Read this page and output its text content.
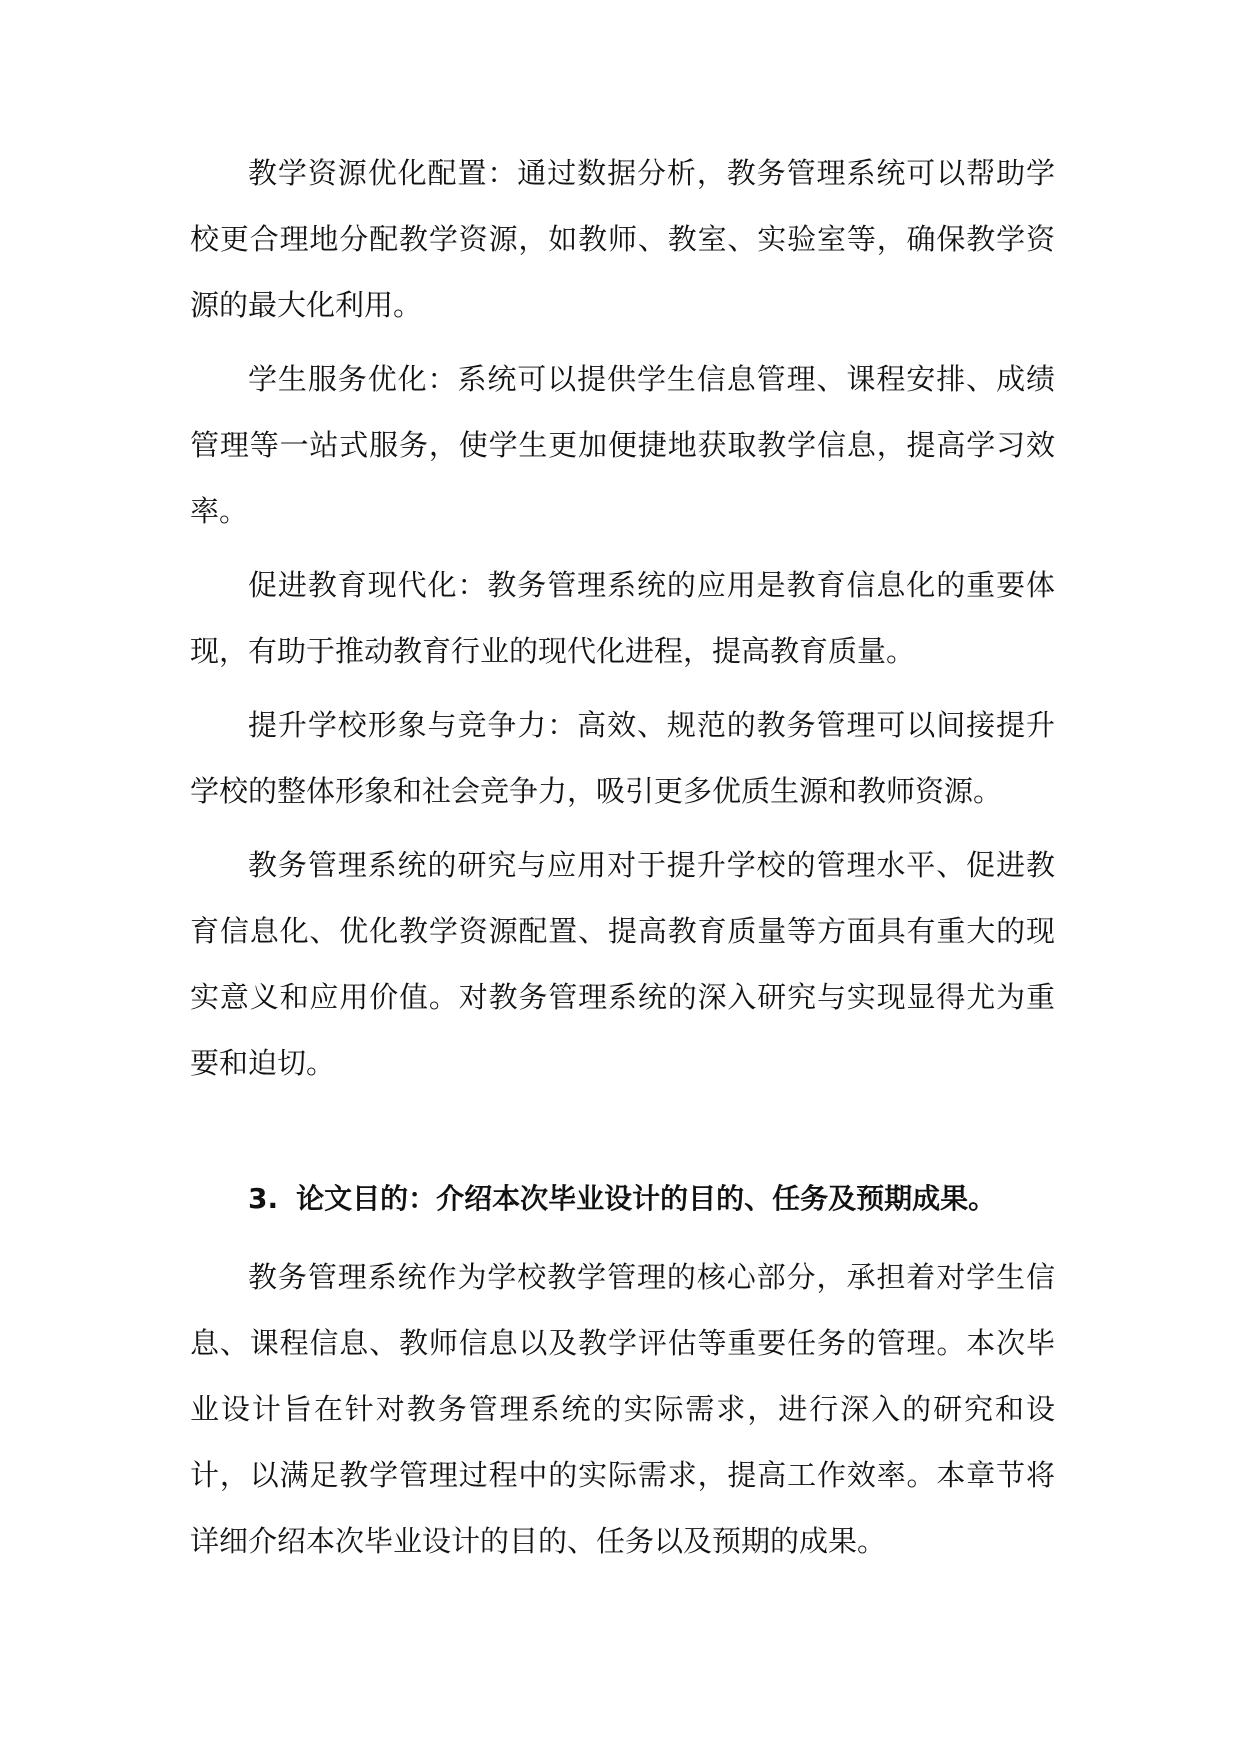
教学资源优化配置：通过数据分析，教务管理系统可以帮助学校更合理地分配教学资源，如教师、教室、实验室等，确保教学资源的最大化利用。

学生服务优化：系统可以提供学生信息管理、课程安排、成绩管理等一站式服务，使学生更加便捷地获取教学信息，提高学习效率。

促进教育现代化：教务管理系统的应用是教育信息化的重要体现，有助于推动教育行业的现代化进程，提高教育质量。

提升学校形象与竞争力：高效、规范的教务管理可以间接提升学校的整体形象和社会竞争力，吸引更多优质生源和教师资源。

教务管理系统的研究与应用对于提升学校的管理水平、促进教育信息化、优化教学资源配置、提高教育质量等方面具有重大的现实意义和应用价值。对教务管理系统的深入研究与实现显得尤为重要和迫切。

3. 论文目的：介绍本次毕业设计的目的、任务及预期成果。

教务管理系统作为学校教学管理的核心部分，承担着对学生信息、课程信息、教师信息以及教学评估等重要任务的管理。本次毕业设计旨在针对教务管理系统的实际需求，进行深入的研究和设计，以满足教学管理过程中的实际需求，提高工作效率。本章节将详细介绍本次毕业设计的目的、任务以及预期的成果。
